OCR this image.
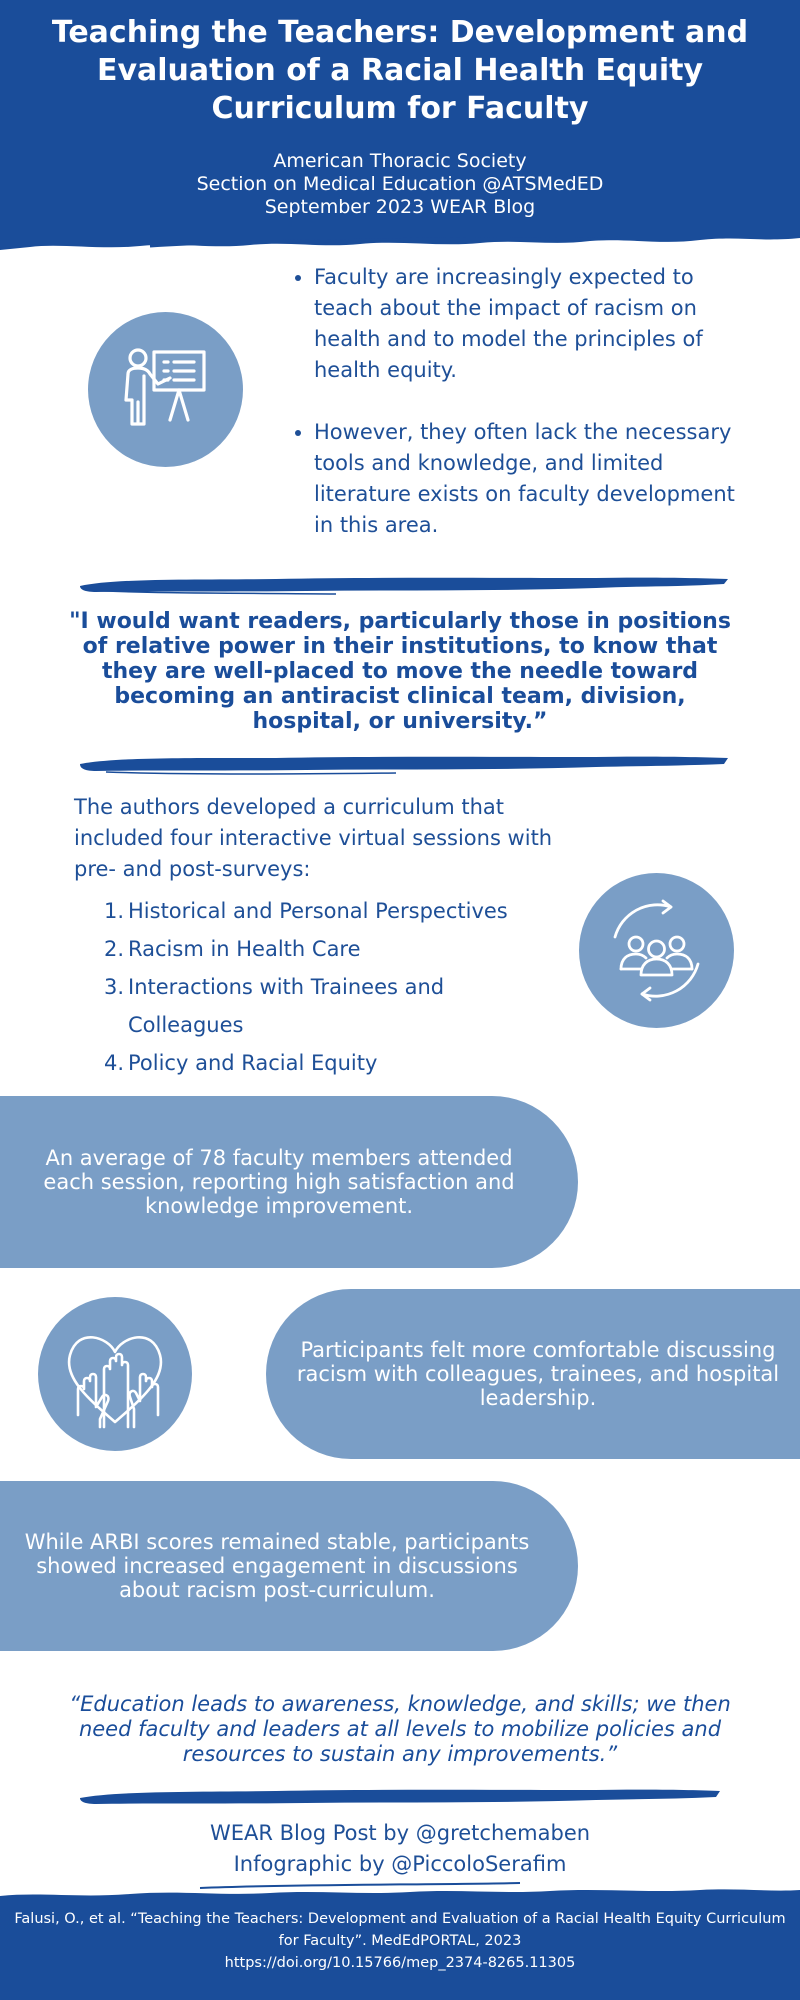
Teaching the Teachers: Development and Evaluation of a Racial Health Equity Curriculum for Faculty
American Thoracic Society
Section on Medical Education @ATSMedED
September 2023 WEAR Blog
• Faculty are increasingly expected to teach about the impact of racism on health and to model the principles of health equity.
• However, they often lack the necessary tools and knowledge, and limited literature exists on faculty development in this area.
"I would want readers, particularly those in positions of relative power in their institutions, to know that they are well-placed to move the needle toward becoming an antiracist clinical team, division, hospital, or university.”
The authors developed a curriculum that included four interactive virtual sessions with pre- and post-surveys:
1. Historical and Personal Perspectives
2. Racism in Health Care
3. Interactions with Trainees and Colleagues
4. Policy and Racial Equity
An average of 78 faculty members attended each session, reporting high satisfaction and knowledge improvement.
Participants felt more comfortable discussing racism with colleagues, trainees, and hospital leadership.
While ARBI scores remained stable, participants showed increased engagement in discussions about racism post-curriculum.
“Education leads to awareness, knowledge, and skills; we then need faculty and leaders at all levels to mobilize policies and resources to sustain any improvements.”
WEAR Blog Post by @gretchemaben
Infographic by @PiccoloSerafim
Falusi, O., et al. “Teaching the Teachers: Development and Evaluation of a Racial Health Equity Curriculum for Faculty”. MedEdPORTAL, 2023
https://doi.org/10.15766/mep_2374-8265.11305
